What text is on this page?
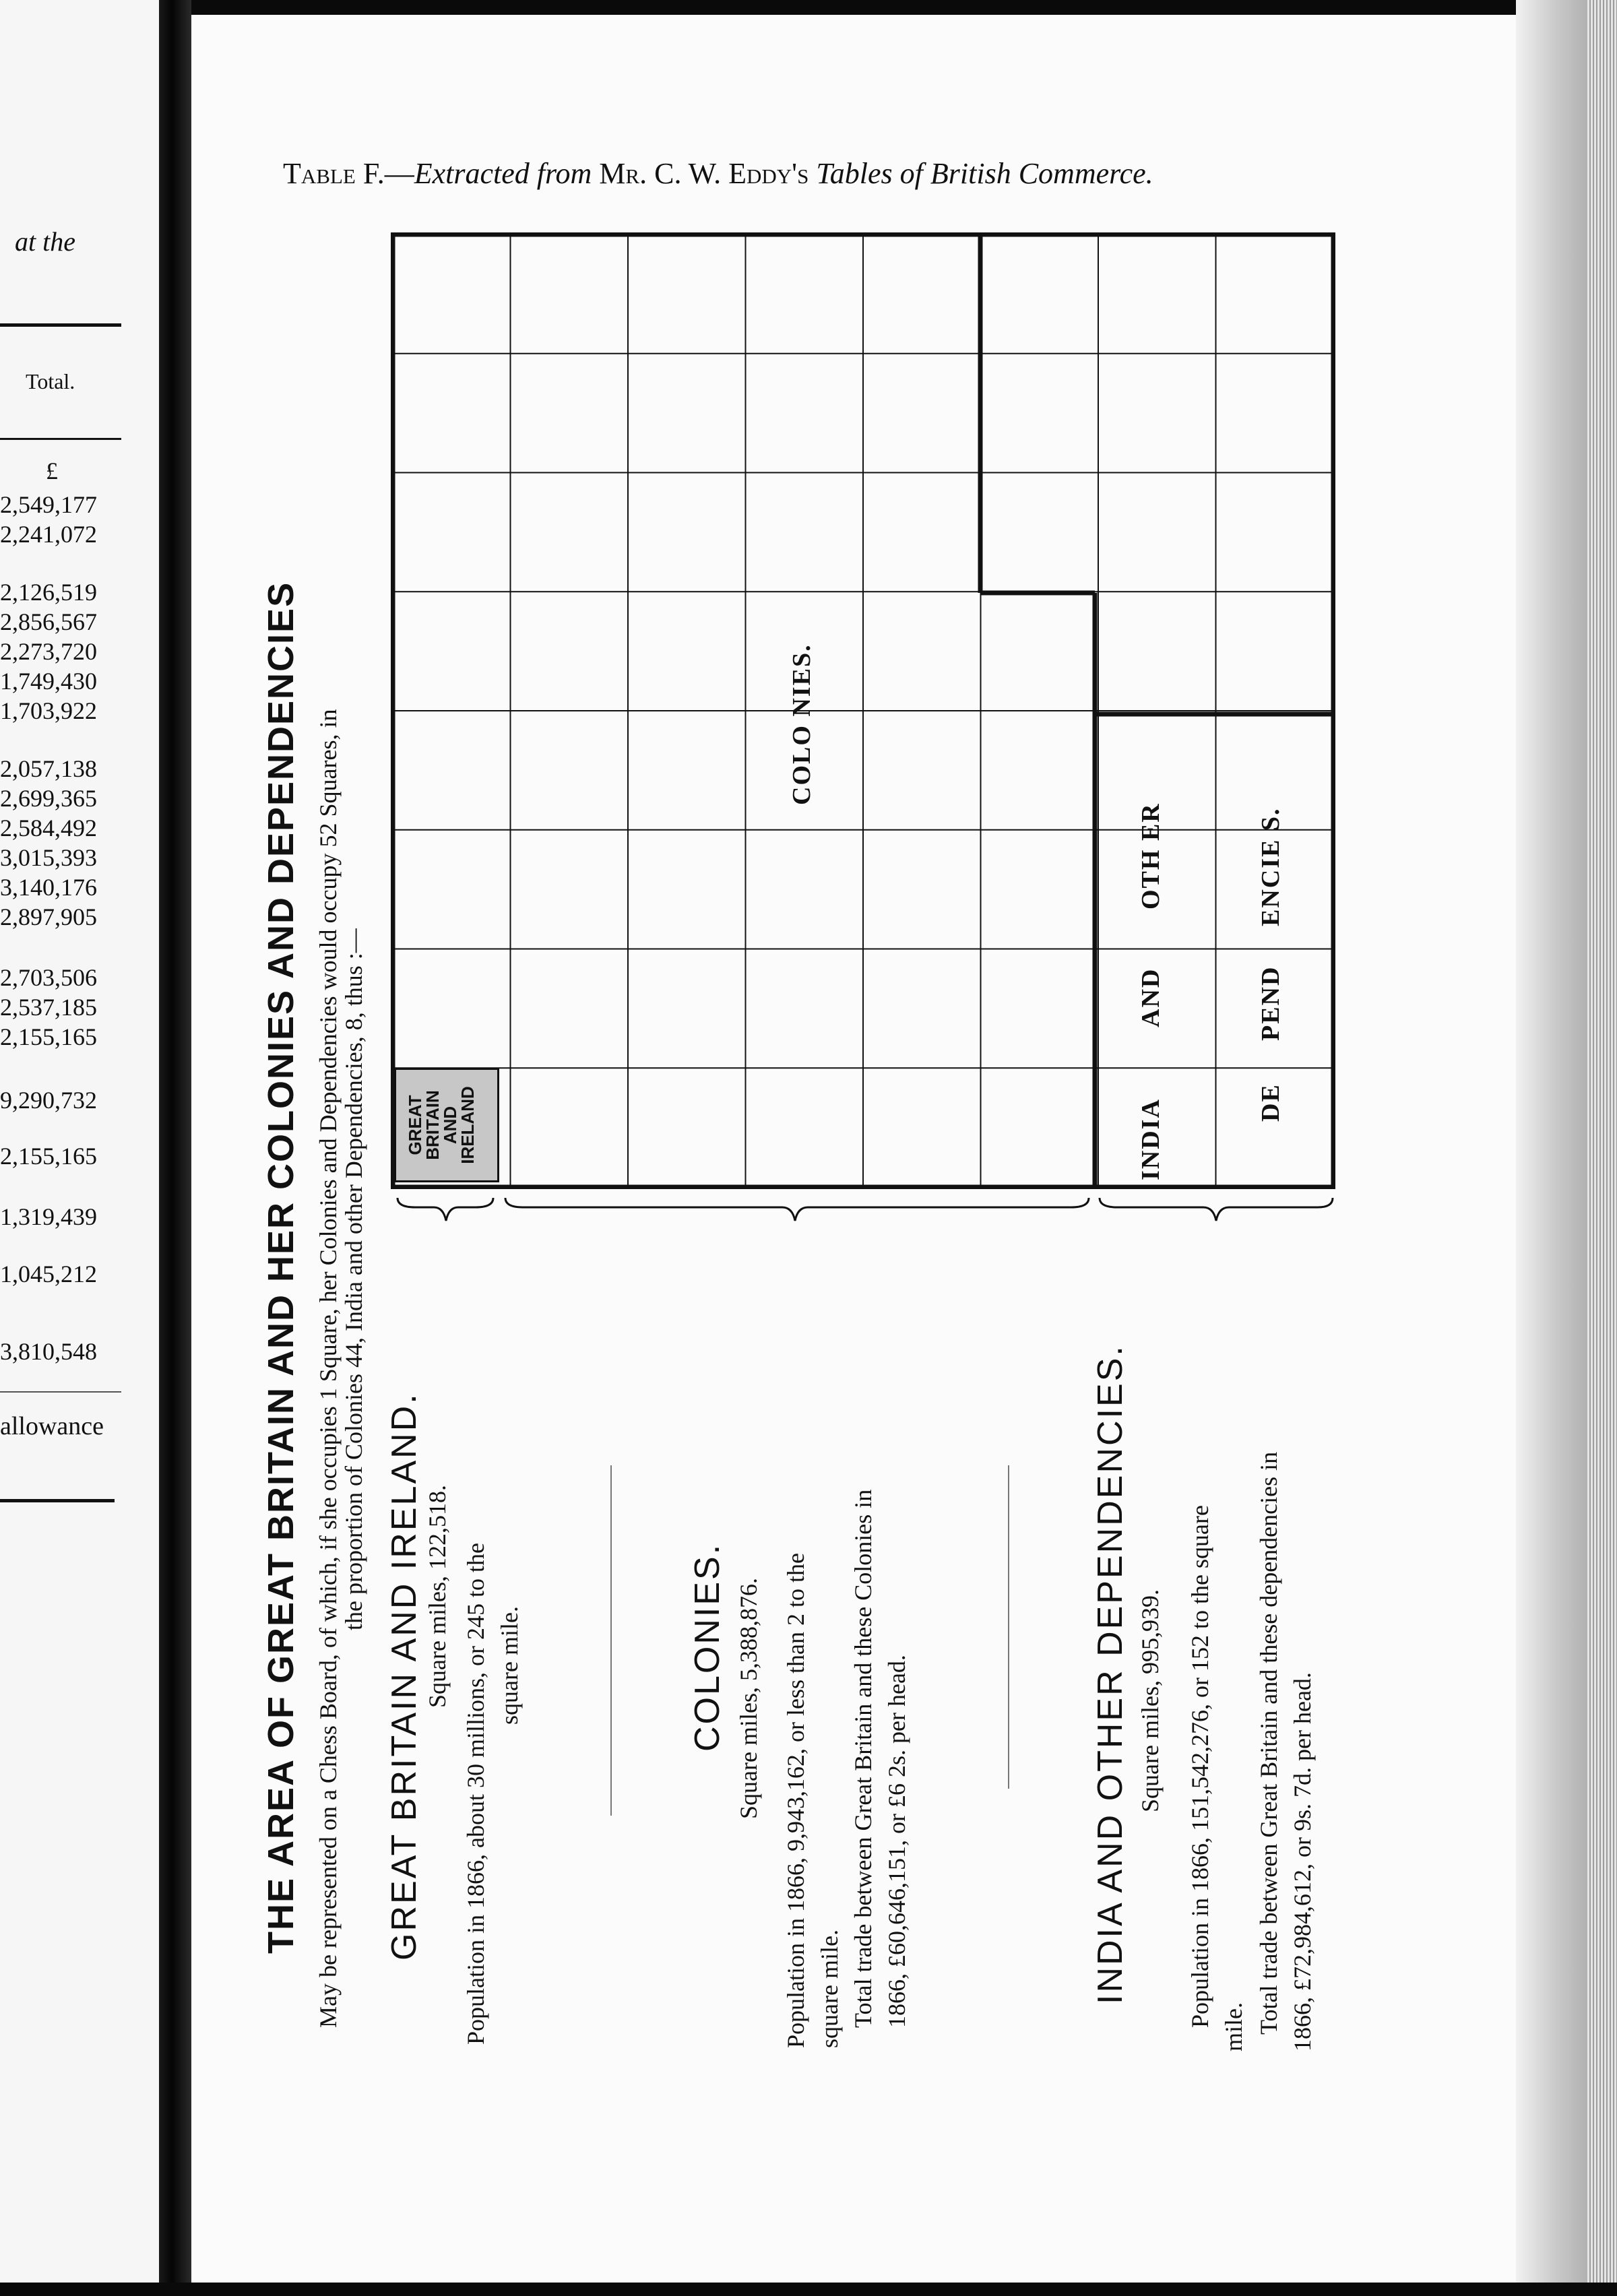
at the
Total.
£
2,549,177
2,241,072
2,126,519
2,856,567
2,273,720
1,749,430
1,703,922
2,057,138
2,699,365
2,584,492
3,015,393
3,140,176
2,897,905
2,703,506
2,537,185
2,155,165
9,290,732
2,155,165
1,319,439
1,045,212
3,810,548
allowance
Table F.—Extracted from Mr. C. W. Eddy's Tables of British Commerce.
GREAT
BRITAIN
AND
IRELAND
COLO NIES.
INDIA
AND
OTH ER
DE
PEND
ENCIE S.
THE AREA OF GREAT BRITAIN AND HER COLONIES AND DEPENDENCIES May be represented on a Chess Board, of which, if she occupies 1 Square, her Colonies and Dependencies would occupy 52 Squares, in
the proportion of Colonies 44, India and other Dependencies, 8, thus :—
GREAT BRITAIN AND IRELAND. Square miles, 122,518. Population in 1866, about 30 millions, or 245 to the square mile.	COLONIES. Square miles, 5,388,876. Population in 1866, 9,943,162, or less than 2 to the square mile. Total trade between Great Britain and these Colonies in 1866, £60,646,151, or £6 2s. per head.	INDIA AND OTHER DEPENDENCIES. Square miles, 995,939. Population in 1866, 151,542,276, or 152 to the square mile. Total trade between Great Britain and these dependencies in 1866, £72,984,612, or 9s. 7d. per head.
